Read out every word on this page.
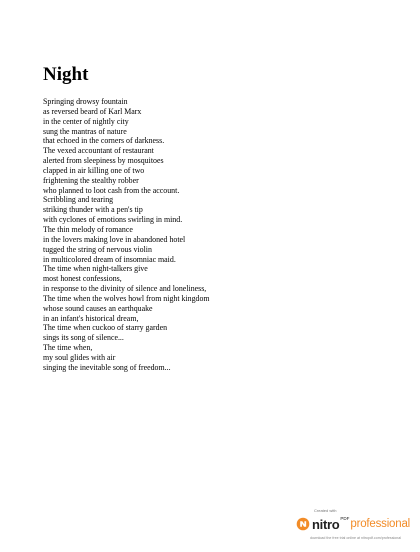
Night
Springing drowsy fountain
as reversed beard of Karl Marx
in the center of nightly city
sung the mantras of nature
that echoed in the corners of darkness.
The vexed accountant of restaurant
alerted from sleepiness by mosquitoes
clapped in air killing one of two
frightening the stealthy robber
who planned to loot cash from the account.
Scribbling and tearing
striking thunder with a pen's tip
with cyclones of emotions swirling in mind.
The thin melody of romance
in the lovers making love in abandoned hotel
tugged the string of nervous violin
in multicolored dream of insomniac maid.
The time when night-talkers give
most honest confessions,
in response to the divinity of silence and loneliness,
The time when the wolves howl from night kingdom
whose sound causes an earthquake
in an infant's historical dream,
The time when cuckoo of starry garden
sings its song of silence...
The time when,
my soul glides with air
singing the inevitable song of freedom...
Created with
nitro PDF professional
download the free trial online at nitropdf.com/professional
